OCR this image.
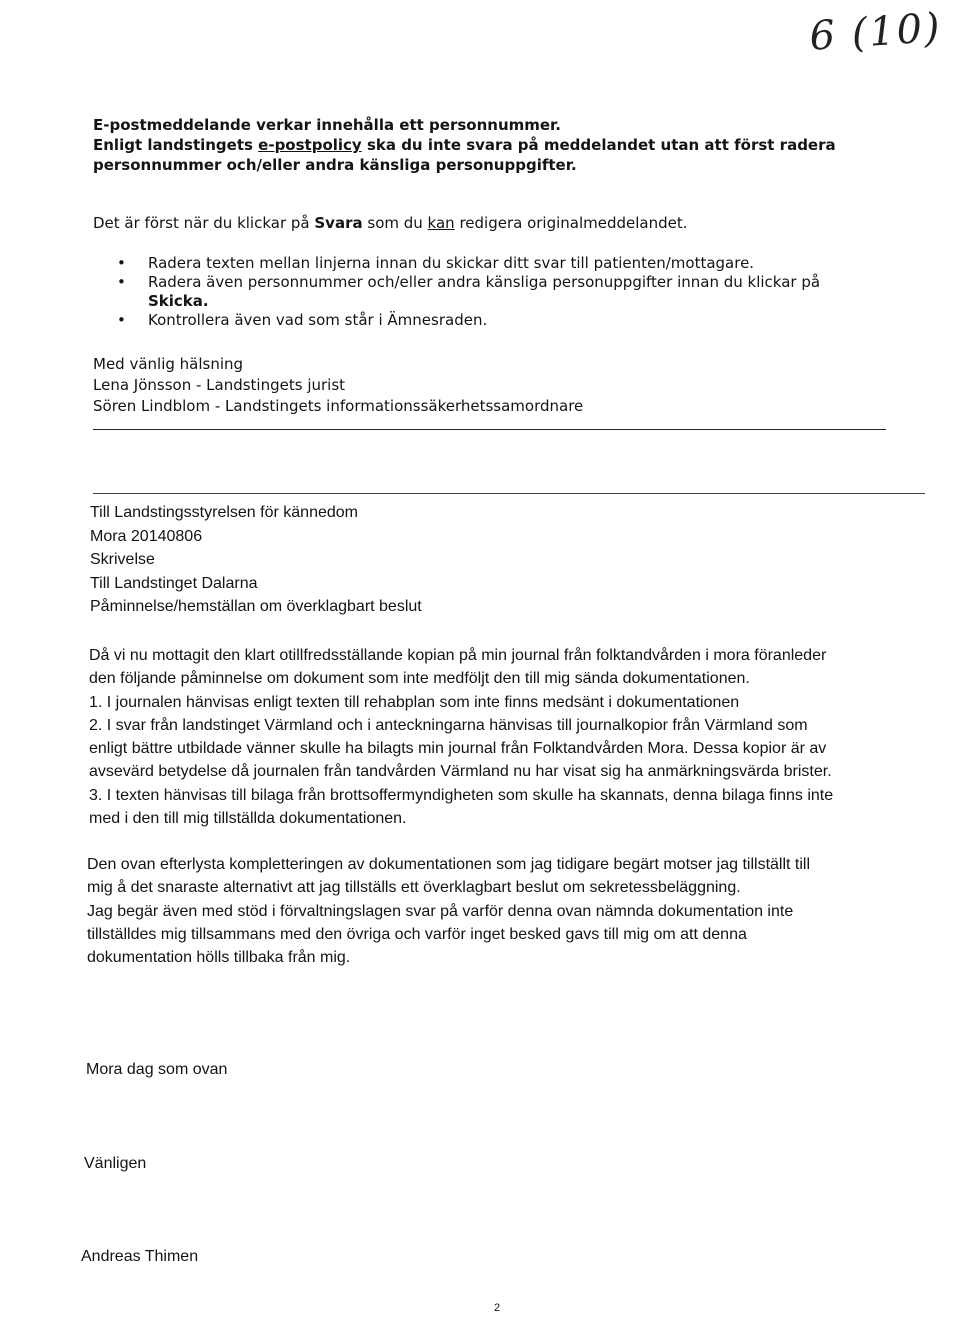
6 (10)
E-postmeddelande verkar innehålla ett personnummer.
Enligt landstingets e-postpolicy ska du inte svara på meddelandet utan att först radera
personnummer och/eller andra känsliga personuppgifter.
Det är först när du klickar på Svara som du kan redigera originalmeddelandet.
• Radera texten mellan linjerna innan du skickar ditt svar till patienten/mottagare.
• Radera även personnummer och/eller andra känsliga personuppgifter innan du klickar på
Skicka.
• Kontrollera även vad som står i Ämnesraden.
Med vänlig hälsning
Lena Jönsson - Landstingets jurist
Sören Lindblom - Landstingets informationssäkerhetssamordnare
Till Landstingsstyrelsen för kännedom
Mora 20140806
Skrivelse
Till Landstinget Dalarna
Påminnelse/hemställan om överklagbart beslut
Då vi nu mottagit den klart otillfredsställande kopian på min journal från folktandvården i mora föranleder
den följande påminnelse om dokument som inte medföljt den till mig sända dokumentationen.
1. I journalen hänvisas enligt texten till rehabplan som inte finns medsänt i dokumentationen
2. I svar från landstinget Värmland och i anteckningarna hänvisas till journalkopior från Värmland som
enligt bättre utbildade vänner skulle ha bilagts min journal från Folktandvården Mora. Dessa kopior är av
avsevärd betydelse då journalen från tandvården Värmland nu har visat sig ha anmärkningsvärda brister.
3. I texten hänvisas till bilaga från brottsoffermyndigheten som skulle ha skannats, denna bilaga finns inte
med i den till mig tillställda dokumentationen.
Den ovan efterlysta kompletteringen av dokumentationen som jag tidigare begärt motser jag tillställt till
mig å det snaraste alternativt att jag tillställs ett överklagbart beslut om sekretessbeläggning.
Jag begär även med stöd i förvaltningslagen svar på varför denna ovan nämnda dokumentation inte
tillställdes mig tillsammans med den övriga och varför inget besked gavs till mig om att denna
dokumentation hölls tillbaka från mig.
Mora dag som ovan
Vänligen
Andreas Thimen
2
